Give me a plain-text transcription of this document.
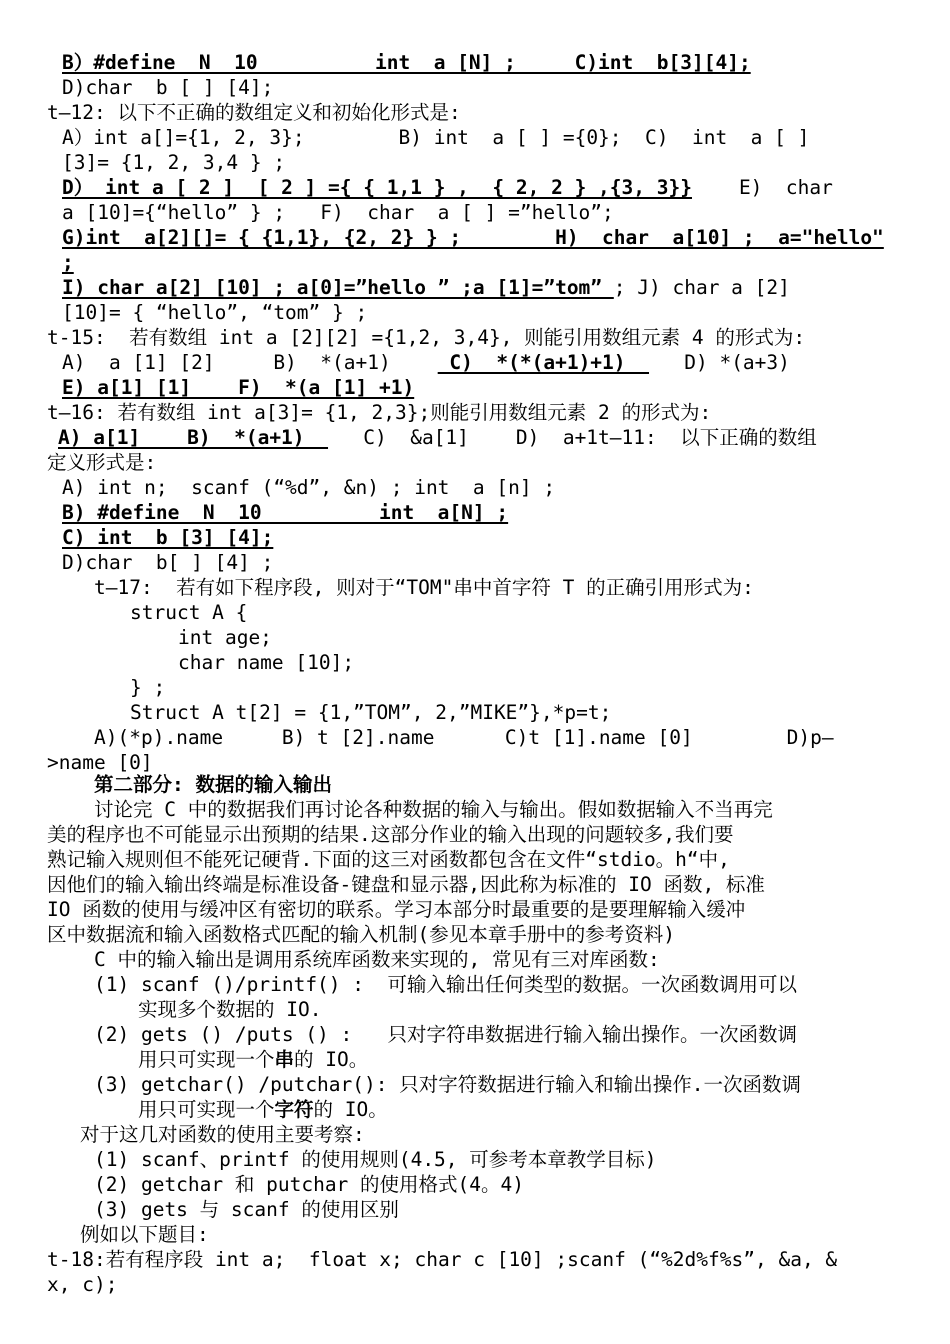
B）#define  N  10          int  a [N] ;     C)int  b[3][4];
D)char  b [ ] [4];
t—12: 以下不正确的数组定义和初始化形式是:
A）int a[]={1, 2, 3};        B) int  a [ ] ={0};  C)  int  a [ ]
[3]= {1, 2, 3,4 } ;
D） int a [ 2 ]  [ 2 ] ={ { 1,1 } ,  { 2, 2 } ,{3, 3}}    E)  char
a [10]={“hello” } ;   F)  char  a [ ] =”hello”;
G)int  a[2][]= { {1,1}, {2, 2} } ;        H)  char  a[10] ;  a="hello"
;
I) char a[2] [10] ; a[0]=”hello ” ;a [1]=”tom” ; J) char a [2]
[10]= { “hello”, “tom” } ;
t-15:  若有数组 int a [2][2] ={1,2, 3,4}, 则能引用数组元素 4 的形式为:
A)  a [1] [2]     B)  *(a+1)     C)  *(*(a+1)+1)     D) *(a+3)
E) a[1] [1]    F)  *(a [1] +1)
t—16: 若有数组 int a[3]= {1, 2,3};则能引用数组元素 2 的形式为:
A) a[1]    B)  *(a+1)     C)  &a[1]    D)  a+1t—11:  以下正确的数组
定义形式是:
A) int n;  scanf (“%d”, &n) ; int  a [n] ;
B) #define  N  10          int  a[N] ;
C) int  b [3] [4];
D)char  b[ ] [4] ;
t—17:  若有如下程序段, 则对于“TOM"串中首字符 T 的正确引用形式为:
struct A {
int age;
char name [10];
} ;
Struct A t[2] = {1,”TOM”, 2,”MIKE”},*p=t;
A)(*p).name     B) t [2].name      C)t [1].name [0]        D)p—
>name [0]
第二部分: 数据的输入输出
讨论完 C 中的数据我们再讨论各种数据的输入与输出。假如数据输入不当再完
美的程序也不可能显示出预期的结果.这部分作业的输入出现的问题较多,我们要
熟记输入规则但不能死记硬背.下面的这三对函数都包含在文件“stdio。h“中,
因他们的输入输出终端是标准设备-键盘和显示器,因此称为标准的 IO 函数, 标准
IO 函数的使用与缓冲区有密切的联系。学习本部分时最重要的是要理解输入缓冲
区中数据流和输入函数格式匹配的输入机制(参见本章手册中的参考资料)
C 中的输入输出是调用系统库函数来实现的, 常见有三对库函数:
(1) scanf ()/printf() :  可输入输出任何类型的数据。一次函数调用可以
实现多个数据的 IO.
(2) gets () /puts () :   只对字符串数据进行输入输出操作。一次函数调
用只可实现一个串的 IO。
(3) getchar() /putchar(): 只对字符数据进行输入和输出操作.一次函数调
用只可实现一个字符的 IO。
对于这几对函数的使用主要考察:
(1) scanf、printf 的使用规则(4.5, 可参考本章教学目标)
(2) getchar 和 putchar 的使用格式(4。4)
(3) gets 与 scanf 的使用区别
例如以下题目:
t-18:若有程序段 int a;  float x; char c [10] ;scanf (“%2d%f%s”, &a, &
x, c);
